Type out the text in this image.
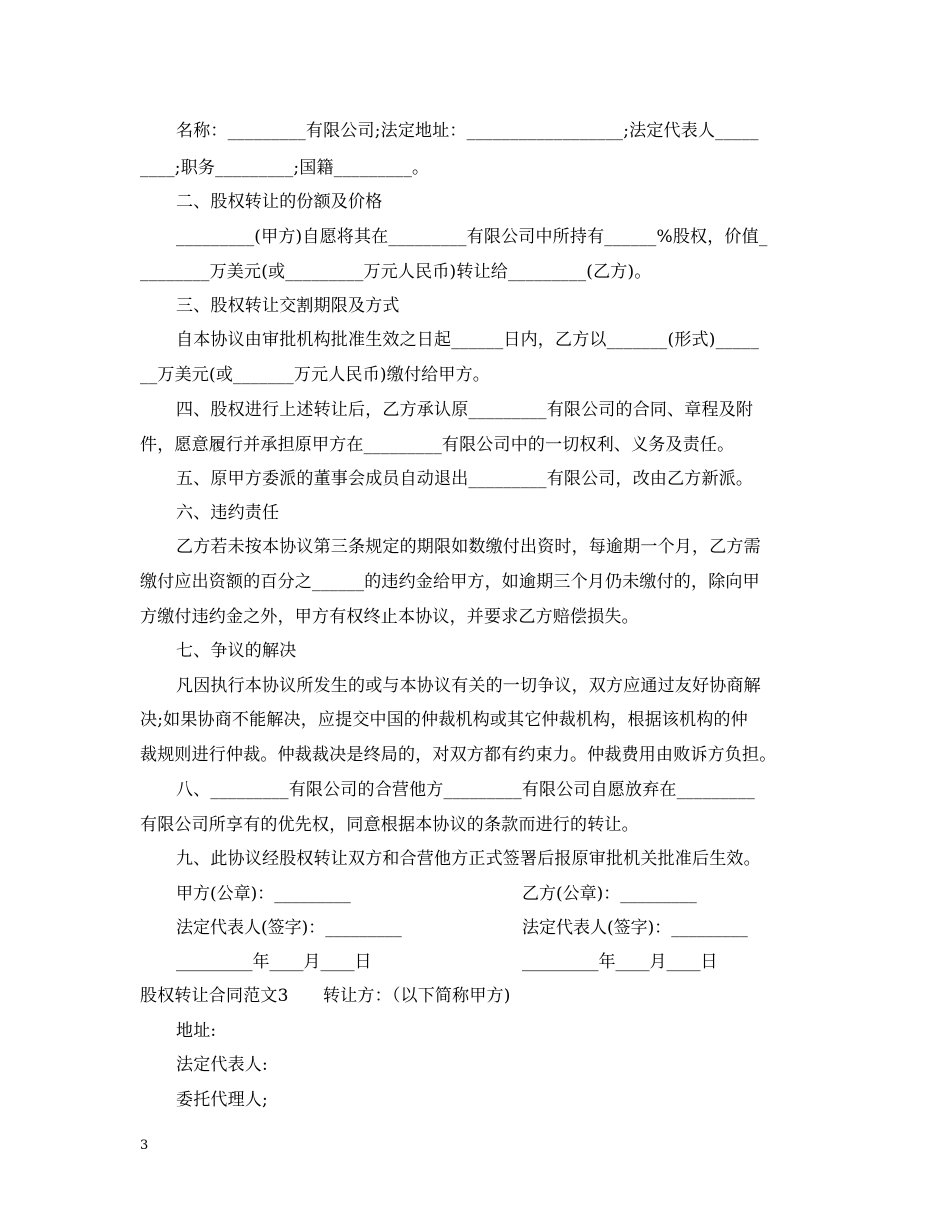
名称：_________有限公司;法定地址：__________________;法定代表人_____
____;职务_________;国籍_________。
二、股权转让的份额及价格
_________(甲方)自愿将其在_________有限公司中所持有______%股权，价值_
________万美元(或_________万元人民币)转让给_________(乙方)。
三、股权转让交割期限及方式
自本协议由审批机构批准生效之日起______日内，乙方以_______(形式)_____
__万美元(或_______万元人民币)缴付给甲方。
四、股权进行上述转让后，乙方承认原_________有限公司的合同、章程及附
件，愿意履行并承担原甲方在_________有限公司中的一切权利、义务及责任。
五、原甲方委派的董事会成员自动退出_________有限公司，改由乙方新派。
六、违约责任
乙方若未按本协议第三条规定的期限如数缴付出资时，每逾期一个月，乙方需
缴付应出资额的百分之______的违约金给甲方，如逾期三个月仍未缴付的，除向甲
方缴付违约金之外，甲方有权终止本协议，并要求乙方赔偿损失。
七、争议的解决
凡因执行本协议所发生的或与本协议有关的一切争议，双方应通过友好协商解
决;如果协商不能解决，应提交中国的仲裁机构或其它仲裁机构，根据该机构的仲
裁规则进行仲裁。仲裁裁决是终局的，对双方都有约束力。仲裁费用由败诉方负担。
八、_________有限公司的合营他方_________有限公司自愿放弃在_________
有限公司所享有的优先权，同意根据本协议的条款而进行的转让。
九、此协议经股权转让双方和合营他方正式签署后报原审批机关批准后生效。
甲方(公章)：_________	乙方(公章)：_________
法定代表人(签字)：_________	法定代表人(签字)：_________
_________年____月____日	_________年____月____日
股权转让合同范文3　　转让方：（以下简称甲方)
地址:
法定代表人:
委托代理人;
3
